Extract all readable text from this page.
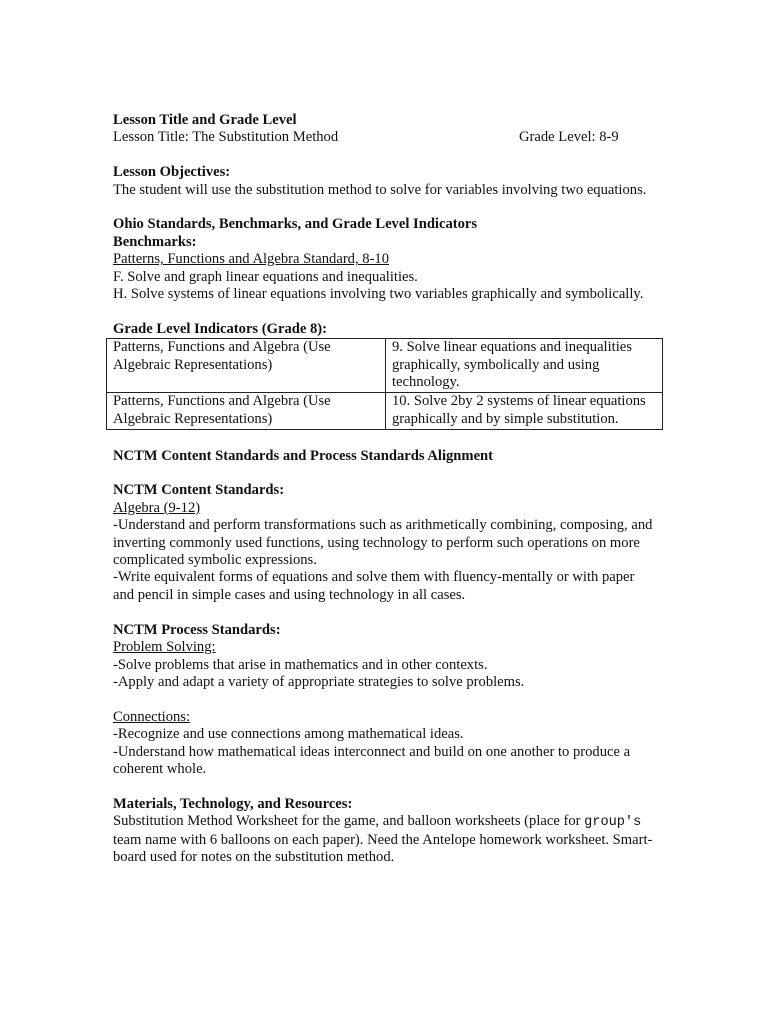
Lesson Title and Grade Level

Lesson Title: The Substitution Method	Grade Level: 8-9

Lesson Objectives:

The student will use the substitution method to solve for variables involving two equations.

Ohio Standards, Benchmarks, and Grade Level Indicators

Benchmarks:

Patterns, Functions and Algebra Standard, 8-10

F. Solve and graph linear equations and inequalities.

H. Solve systems of linear equations involving two variables graphically and symbolically.

Grade Level Indicators (Grade 8):

Patterns, Functions and Algebra (Use Algebraic Representations)	9. Solve linear equations and inequalities graphically, symbolically and using technology.
Patterns, Functions and Algebra (Use Algebraic Representations)	10. Solve 2by 2 systems of linear equations graphically and by simple substitution.

NCTM Content Standards and Process Standards Alignment

NCTM Content Standards:

Algebra (9-12)

-Understand and perform transformations such as arithmetically combining, composing, and inverting commonly used functions, using technology to perform such operations on more complicated symbolic expressions.

-Write equivalent forms of equations and solve them with fluency-mentally or with paper and pencil in simple cases and using technology in all cases.

NCTM Process Standards:

Problem Solving:

-Solve problems that arise in mathematics and in other contexts.

-Apply and adapt a variety of appropriate strategies to solve problems.

Connections:

-Recognize and use connections among mathematical ideas.

-Understand how mathematical ideas interconnect and build on one another to produce a coherent whole.

Materials, Technology, and Resources:

Substitution Method Worksheet for the game, and balloon worksheets (place for group's team name with 6 balloons on each paper). Need the Antelope homework worksheet. Smart-board used for notes on the substitution method.
